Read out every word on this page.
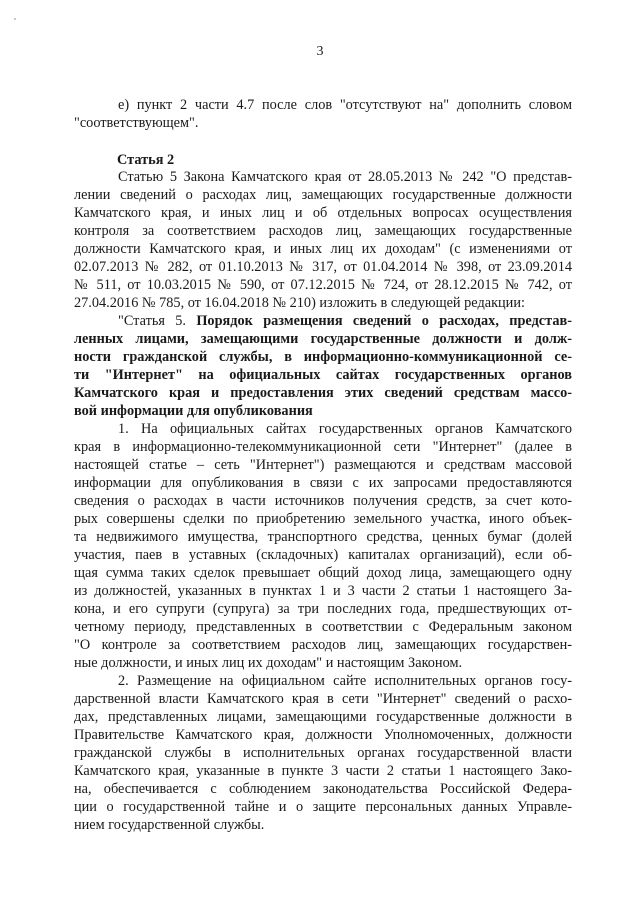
3
е) пункт 2 части 4.7 после слов "отсутствуют на" дополнить словом
"соответствующем".
Статья 2
Статью 5 Закона Камчатского края от 28.05.2013 № 242 "О представ-
лении сведений о расходах лиц, замещающих государственные должности
Камчатского края, и иных лиц и об отдельных вопросах осуществления
контроля за соответствием расходов лиц, замещающих государственные
должности Камчатского края, и иных лиц их доходам" (с изменениями от
02.07.2013 № 282, от 01.10.2013 № 317, от 01.04.2014 № 398, от 23.09.2014
№ 511, от 10.03.2015 № 590, от 07.12.2015 № 724, от 28.12.2015 № 742, от
27.04.2016 № 785, от 16.04.2018 № 210) изложить в следующей редакции:
"Статья 5. Порядок размещения сведений о расходах, представ-
ленных лицами, замещающими государственные должности и долж-
ности гражданской службы, в информационно-коммуникационной се-
ти "Интернет" на официальных сайтах государственных органов
Камчатского края и предоставления этих сведений средствам массо-
вой информации для опубликования
1. На официальных сайтах государственных органов Камчатского
края в информационно-телекоммуникационной сети "Интернет" (далее в
настоящей статье – сеть "Интернет") размещаются и средствам массовой
информации для опубликования в связи с их запросами предоставляются
сведения о расходах в части источников получения средств, за счет кото-
рых совершены сделки по приобретению земельного участка, иного объек-
та недвижимого имущества, транспортного средства, ценных бумаг (долей
участия, паев в уставных (складочных) капиталах организаций), если об-
щая сумма таких сделок превышает общий доход лица, замещающего одну
из должностей, указанных в пунктах 1 и 3 части 2 статьи 1 настоящего За-
кона, и его супруги (супруга) за три последних года, предшествующих от-
четному периоду, представленных в соответствии с Федеральным законом
"О контроле за соответствием расходов лиц, замещающих государствен-
ные должности, и иных лиц их доходам" и настоящим Законом.
2. Размещение на официальном сайте исполнительных органов госу-
дарственной власти Камчатского края в сети "Интернет" сведений о расхо-
дах, представленных лицами, замещающими государственные должности в
Правительстве Камчатского края, должности Уполномоченных, должности
гражданской службы в исполнительных органах государственной власти
Камчатского края, указанные в пункте 3 части 2 статьи 1 настоящего Зако-
на, обеспечивается с соблюдением законодательства Российской Федера-
ции о государственной тайне и о защите персональных данных Управле-
нием государственной службы.
